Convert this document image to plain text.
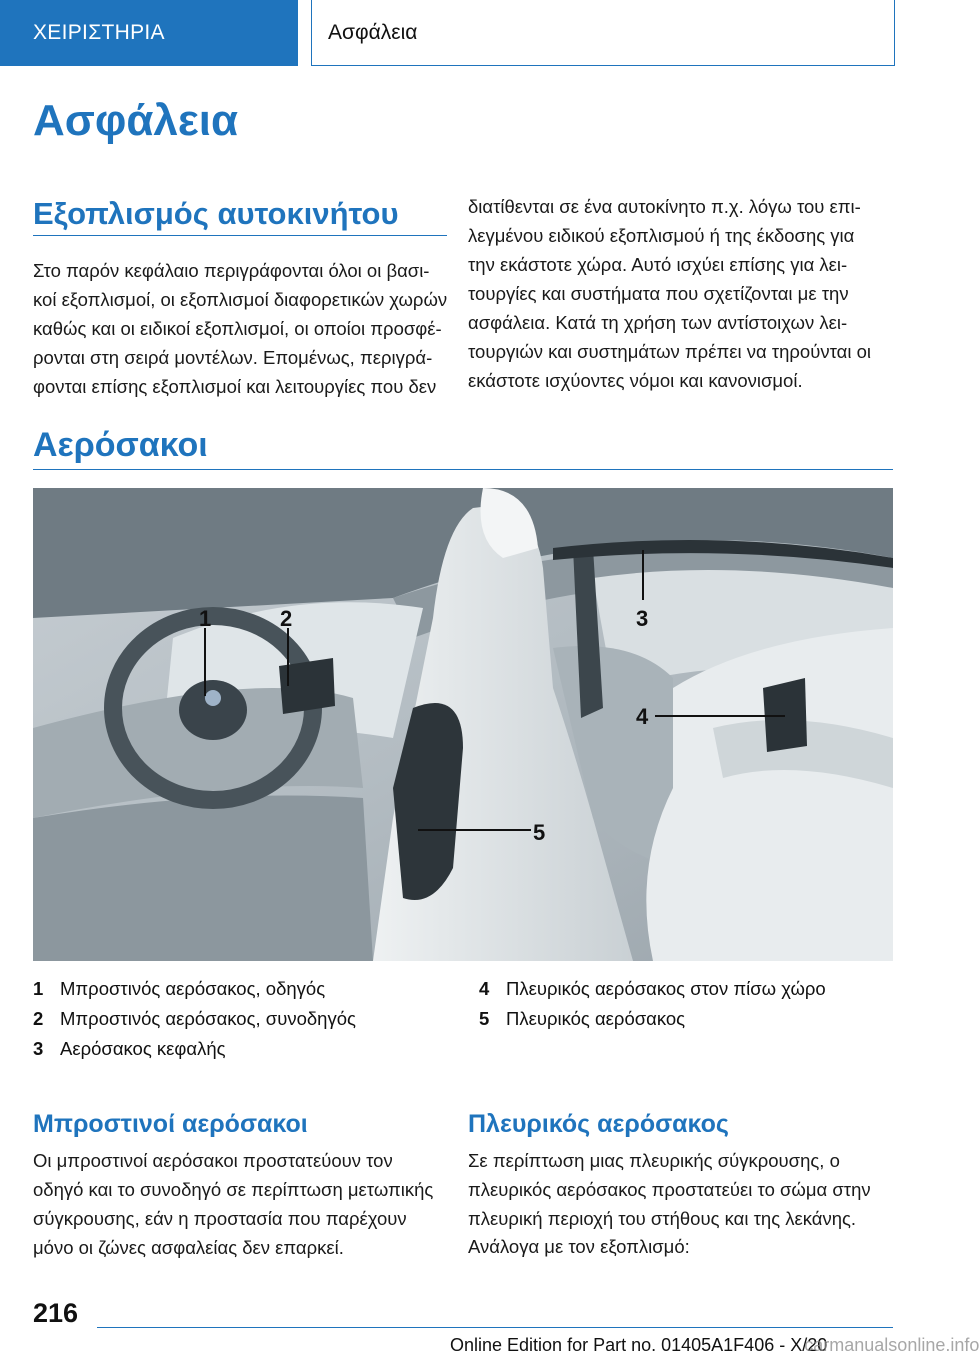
ΧΕΙΡΙΣΤΗΡΙΑ	Ασφάλεια
Ασφάλεια
Εξοπλισμός αυτοκινήτου
Στο παρόν κεφάλαιο περιγράφονται όλοι οι βασι‐
κοί εξοπλισμοί, οι εξοπλισμοί διαφορετικών χωρών
καθώς και οι ειδικοί εξοπλισμοί, οι οποίοι προσφέ‐
ρονται στη σειρά μοντέλων. Επομένως, περιγρά‐
φονται επίσης εξοπλισμοί και λειτουργίες που δεν
διατίθενται σε ένα αυτοκίνητο π.χ. λόγω του επι‐
λεγμένου ειδικού εξοπλισμού ή της έκδοσης για
την εκάστοτε χώρα. Αυτό ισχύει επίσης για λει‐
τουργίες και συστήματα που σχετίζονται με την
ασφάλεια. Κατά τη χρήση των αντίστοιχων λει‐
τουργιών και συστημάτων πρέπει να τηρούνται οι
εκάστοτε ισχύοντες νόμοι και κανονισμοί.
Αερόσακοι
1	2	3
4
5
1 Μπροστινός αερόσακος, οδηγός
2 Μπροστινός αερόσακος, συνοδηγός
3 Αερόσακος κεφαλής
4 Πλευρικός αερόσακος στον πίσω χώρο
5 Πλευρικός αερόσακος
Μπροστινοί αερόσακοι
Οι μπροστινοί αερόσακοι προστατεύουν τον
οδηγό και το συνοδηγό σε περίπτωση μετωπικής
σύγκρουσης, εάν η προστασία που παρέχουν
μόνο οι ζώνες ασφαλείας δεν επαρκεί.
Πλευρικός αερόσακος
Σε περίπτωση μιας πλευρικής σύγκρουσης, ο
πλευρικός αερόσακος προστατεύει το σώμα στην
πλευρική περιοχή του στήθους και της λεκάνης.
Ανάλογα με τον εξοπλισμό:
216
Online Edition for Part no. 01405A1F406 - X/20 carmanualsonline.info
